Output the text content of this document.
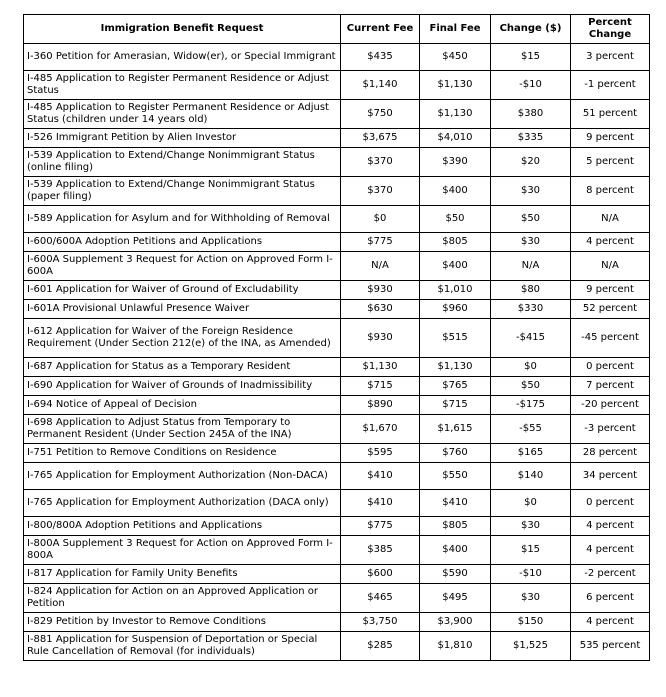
Immigration Benefit Request	Current Fee	Final Fee	Change ($)	Percent Change
I-360 Petition for Amerasian, Widow(er), or Special Immigrant	$435	$450	$15	3 percent
I-485 Application to Register Permanent Residence or Adjust Status	$1,140	$1,130	-$10	-1 percent
I-485 Application to Register Permanent Residence or Adjust Status (children under 14 years old)	$750	$1,130	$380	51 percent
I-526 Immigrant Petition by Alien Investor	$3,675	$4,010	$335	9 percent
I-539 Application to Extend/Change Nonimmigrant Status (online filing)	$370	$390	$20	5 percent
I-539 Application to Extend/Change Nonimmigrant Status (paper filing)	$370	$400	$30	8 percent
I-589 Application for Asylum and for Withholding of Removal	$0	$50	$50	N/A
I-600/600A Adoption Petitions and Applications	$775	$805	$30	4 percent
I-600A Supplement 3 Request for Action on Approved Form I-600A	N/A	$400	N/A	N/A
I-601 Application for Waiver of Ground of Excludability	$930	$1,010	$80	9 percent
I-601A Provisional Unlawful Presence Waiver	$630	$960	$330	52 percent
I-612 Application for Waiver of the Foreign Residence Requirement (Under Section 212(e) of the INA, as Amended)	$930	$515	-$415	-45 percent
I-687 Application for Status as a Temporary Resident	$1,130	$1,130	$0	0 percent
I-690 Application for Waiver of Grounds of Inadmissibility	$715	$765	$50	7 percent
I-694 Notice of Appeal of Decision	$890	$715	-$175	-20 percent
I-698 Application to Adjust Status from Temporary to Permanent Resident (Under Section 245A of the INA)	$1,670	$1,615	-$55	-3 percent
I-751 Petition to Remove Conditions on Residence	$595	$760	$165	28 percent
I-765 Application for Employment Authorization (Non-DACA)	$410	$550	$140	34 percent
I-765 Application for Employment Authorization (DACA only)	$410	$410	$0	0 percent
I-800/800A Adoption Petitions and Applications	$775	$805	$30	4 percent
I-800A Supplement 3 Request for Action on Approved Form I-800A	$385	$400	$15	4 percent
I-817 Application for Family Unity Benefits	$600	$590	-$10	-2 percent
I-824 Application for Action on an Approved Application or Petition	$465	$495	$30	6 percent
I-829 Petition by Investor to Remove Conditions	$3,750	$3,900	$150	4 percent
I-881 Application for Suspension of Deportation or Special Rule Cancellation of Removal (for individuals)	$285	$1,810	$1,525	535 percent
